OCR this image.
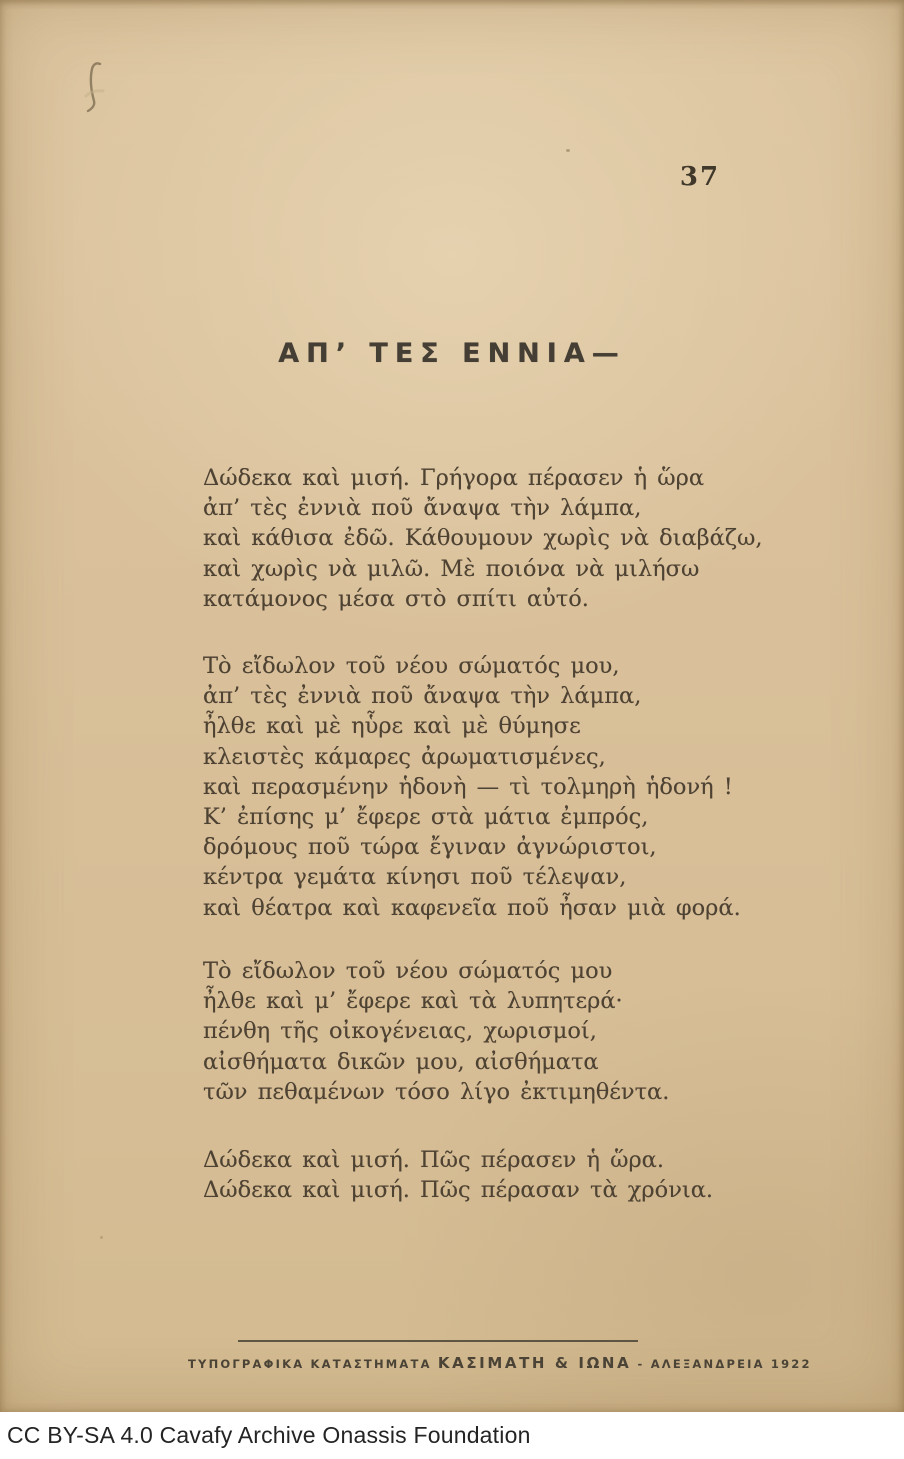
37
ΑΠ’ ΤΕΣ ΕΝΝΙΑ—
Δώδεκα καὶ μισή. Γρήγορα πέρασεν ἡ ὥρα
ἀπ’ τὲς ἐννιὰ ποῦ ἄναψα τὴν λάμπα,
καὶ κάθισα ἐδῶ. Κάθουμουν χωρὶς νὰ διαβάζω,
καὶ χωρὶς νὰ μιλῶ. Μὲ ποιόνα νὰ μιλήσω
κατάμονος μέσα στὸ σπίτι αὐτό.
Τὸ εἴδωλον τοῦ νέου σώματός μου,
ἀπ’ τὲς ἐννιὰ ποῦ ἄναψα τὴν λάμπα,
ἦλθε καὶ μὲ ηὗρε καὶ μὲ θύμησε
κλειστὲς κάμαρες ἀρωματισμένες,
καὶ περασμένην ἡδονὴ — τὶ τολμηρὴ ἡδονή !
Κ’ ἐπίσης μ’ ἔφερε στὰ μάτια ἐμπρός,
δρόμους ποῦ τώρα ἔγιναν ἀγνώριστοι,
κέντρα γεμάτα κίνησι ποῦ τέλεψαν,
καὶ θέατρα καὶ καφενεῖα ποῦ ἦσαν μιὰ φορά.
Τὸ εἴδωλον τοῦ νέου σώματός μου
ἦλθε καὶ μ’ ἔφερε καὶ τὰ λυπητερά·
πένθη τῆς οἰκογένειας, χωρισμοί,
αἰσθήματα δικῶν μου, αἰσθήματα
τῶν πεθαμένων τόσο λίγο ἐκτιμηθέντα.
Δώδεκα καὶ μισή. Πῶς πέρασεν ἡ ὥρα.
Δώδεκα καὶ μισή. Πῶς πέρασαν τὰ χρόνια.
ΤΥΠΟΓΡΑΦΙΚΑ ΚΑΤΑΣΤΗΜΑΤΑ ΚΑΣΙΜΑΤΗ & ΙΩΝΑ - ΑΛΕΞΑΝΔΡΕΙΑ 1922
CC BY-SA 4.0 Cavafy Archive Onassis Foundation
